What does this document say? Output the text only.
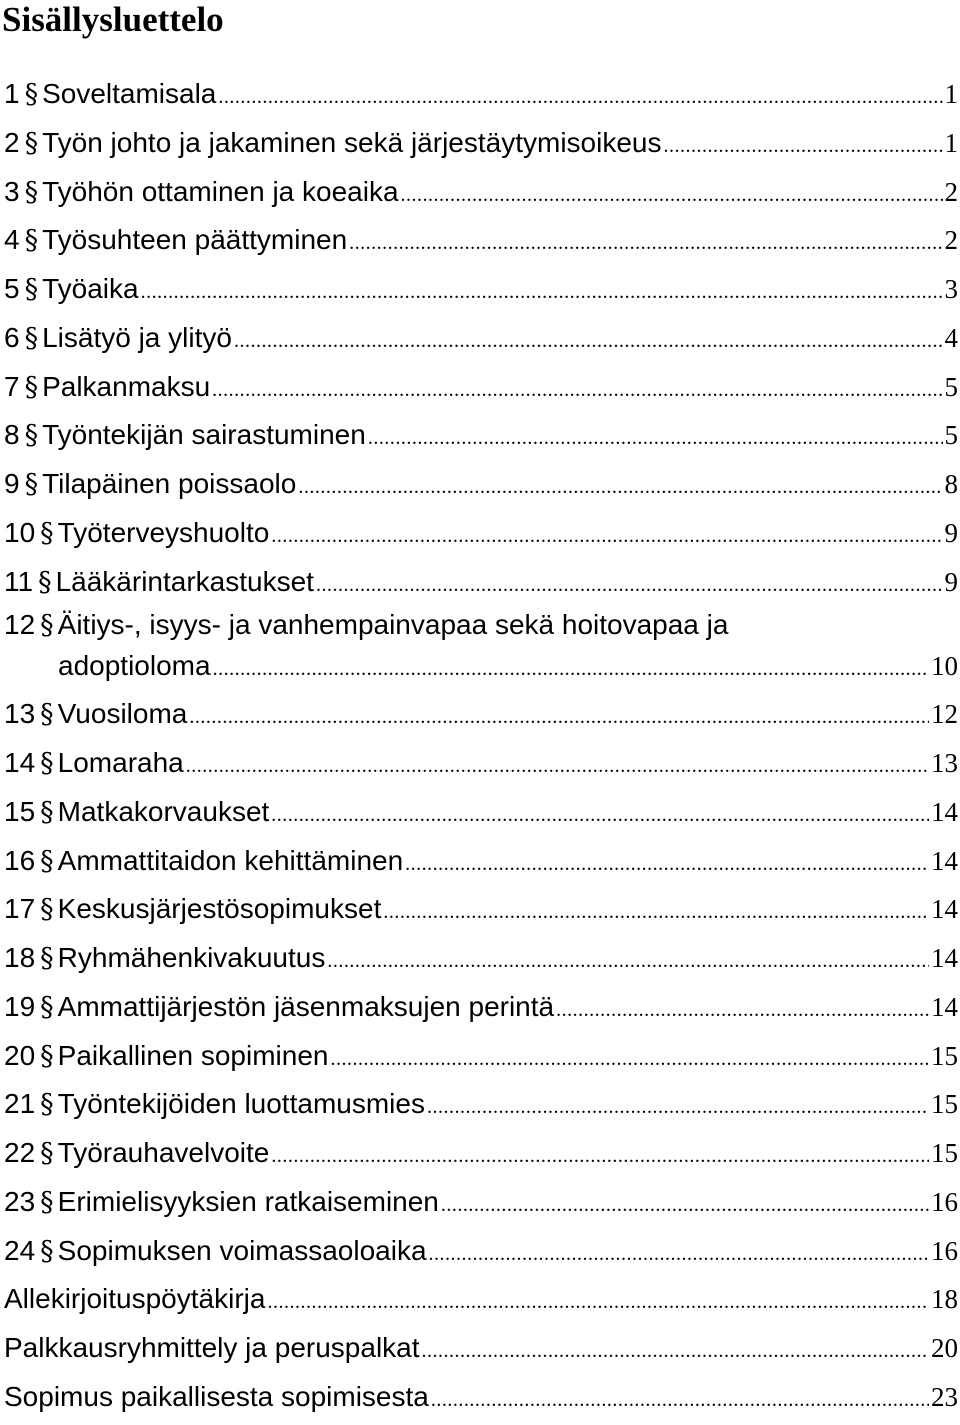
Sisällysluettelo
1 § Soveltamisala .....	1
2 § Työn johto ja jakaminen sekä järjestäytymisoikeus .....	1
3 § Työhön ottaminen ja koeaika .....	2
4 § Työsuhteen päättyminen .....	2
5 § Työaika .....	3
6 § Lisätyö ja ylityö .....	4
7 § Palkanmaksu .....	5
8 § Työntekijän sairastuminen .....	5
9 § Tilapäinen poissaolo .....	8
10 § Työterveyshuolto .....	9
11 § Lääkärintarkastukset .....	9
12 § Äitiys-, isyys- ja vanhempainvapaa sekä hoitovapaa ja
adoptioloma .....	10
13 § Vuosiloma .....	12
14 § Lomaraha .....	13
15 § Matkakorvaukset .....	14
16 § Ammattitaidon kehittäminen .....	14
17 § Keskusjärjestösopimukset .....	14
18 § Ryhmähenkivakuutus .....	14
19 § Ammattijärjestön jäsenmaksujen perintä .....	14
20 § Paikallinen sopiminen .....	15
21 § Työntekijöiden luottamusmies .....	15
22 § Työrauhavelvoite .....	15
23 § Erimielisyyksien ratkaiseminen .....	16
24 § Sopimuksen voimassaoloaika .....	16
Allekirjoituspöytäkirja .....	18
Palkkausryhmittely ja peruspalkat .....	20
Sopimus paikallisesta sopimisesta .....	23
